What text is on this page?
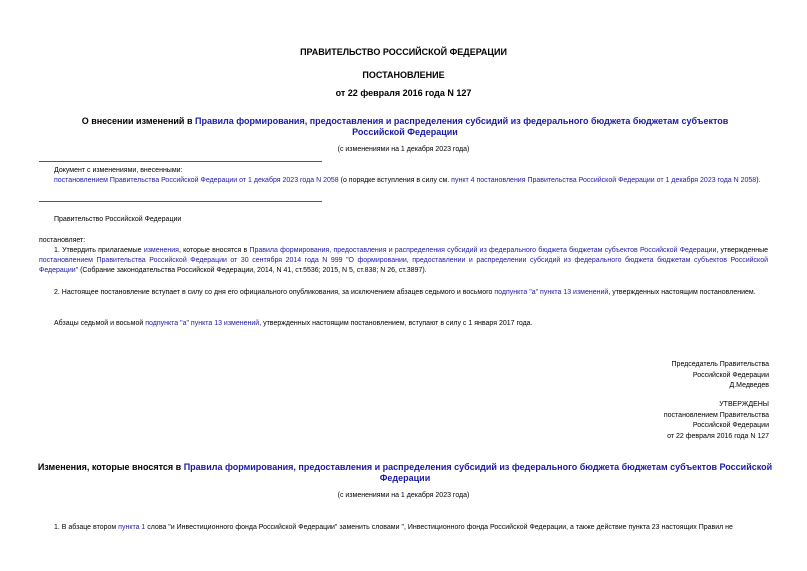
ПРАВИТЕЛЬСТВО РОССИЙСКОЙ ФЕДЕРАЦИИ
ПОСТАНОВЛЕНИЕ
от 22 февраля 2016 года N 127
О внесении изменений в Правила формирования, предоставления и распределения субсидий из федерального бюджета бюджетам субъектов Российской Федерации
(с изменениями на 1 декабря 2023 года)
Документ с изменениями, внесенными:
постановлением Правительства Российской Федерации от 1 декабря 2023 года N 2058 (о порядке вступления в силу см. пункт 4 постановления Правительства Российской Федерации от 1 декабря 2023 года N 2058).
Правительство Российской Федерации
постановляет:
1. Утвердить прилагаемые изменения, которые вносятся в Правила формирования, предоставления и распределения субсидий из федерального бюджета бюджетам субъектов Российской Федерации, утвержденные постановлением Правительства Российской Федерации от 30 сентября 2014 года N 999 "О формировании, предоставлении и распределении субсидий из федерального бюджета бюджетам субъектов Российской Федерации" (Собрание законодательства Российской Федерации, 2014, N 41, ст.5536; 2015, N 5, ст.838; N 26, ст.3897).
2. Настоящее постановление вступает в силу со дня его официального опубликования, за исключением абзацев седьмого и восьмого подпункта "а" пункта 13 изменений, утвержденных настоящим постановлением.
Абзацы седьмой и восьмой подпункта "а" пункта 13 изменений, утвержденных настоящим постановлением, вступают в силу с 1 января 2017 года.
Председатель Правительства
Российской Федерации
Д.Медведев
УТВЕРЖДЕНЫ
постановлением Правительства
Российской Федерации
от 22 февраля 2016 года N 127
Изменения, которые вносятся в Правила формирования, предоставления и распределения субсидий из федерального бюджета бюджетам субъектов Российской Федерации
(с изменениями на 1 декабря 2023 года)
1. В абзаце втором пункта 1 слова "и Инвестиционного фонда Российской Федерации" заменить словами ", Инвестиционного фонда Российской Федерации, а также действие пункта 23 настоящих Правил не
